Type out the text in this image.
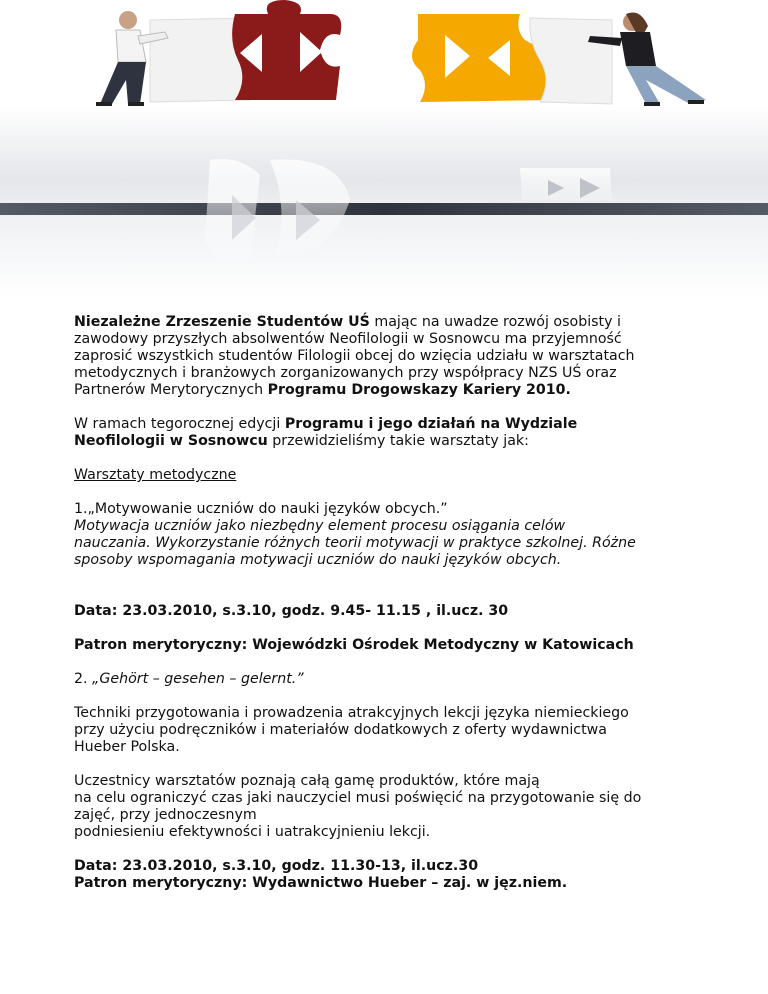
Niezależne Zrzeszenie Studentów UŚ mając na uwadze rozwój osobisty i
zawodowy przyszłych absolwentów Neofilologii w Sosnowcu ma przyjemność
zaprosić wszystkich studentów Filologii obcej do wzięcia udziału w warsztatach
metodycznych i branżowych zorganizowanych przy współpracy NZS UŚ oraz
Partnerów Merytorycznych Programu Drogowskazy Kariery 2010.

W ramach tegorocznej edycji Programu i jego działań na Wydziale
Neofilologii w Sosnowcu przewidzieliśmy takie warsztaty jak:

Warsztaty metodyczne

1.„Motywowanie uczniów do nauki języków obcych.”

Motywacja uczniów jako niezbędny element procesu osiągania celów
nauczania. Wykorzystanie różnych teorii motywacji w praktyce szkolnej. Różne
sposoby wspomagania motywacji uczniów do nauki języków obcych.

Data: 23.03.2010, s.3.10, godz. 9.45- 11.15 , il.ucz. 30

Patron merytoryczny: Wojewódzki Ośrodek Metodyczny w Katowicach

2. „Gehört – gesehen – gelernt.”

Techniki przygotowania i prowadzenia atrakcyjnych lekcji języka niemieckiego
przy użyciu podręczników i materiałów dodatkowych z oferty wydawnictwa
Hueber Polska.

Uczestnicy warsztatów poznają całą gamę produktów, które mają
na celu ograniczyć czas jaki nauczyciel musi poświęcić na przygotowanie się do
zajęć, przy jednoczesnym
podniesieniu efektywności i uatrakcyjnieniu lekcji.

Data: 23.03.2010, s.3.10, godz. 11.30-13, il.ucz.30

Patron merytoryczny: Wydawnictwo Hueber – zaj. w jęz.niem.
